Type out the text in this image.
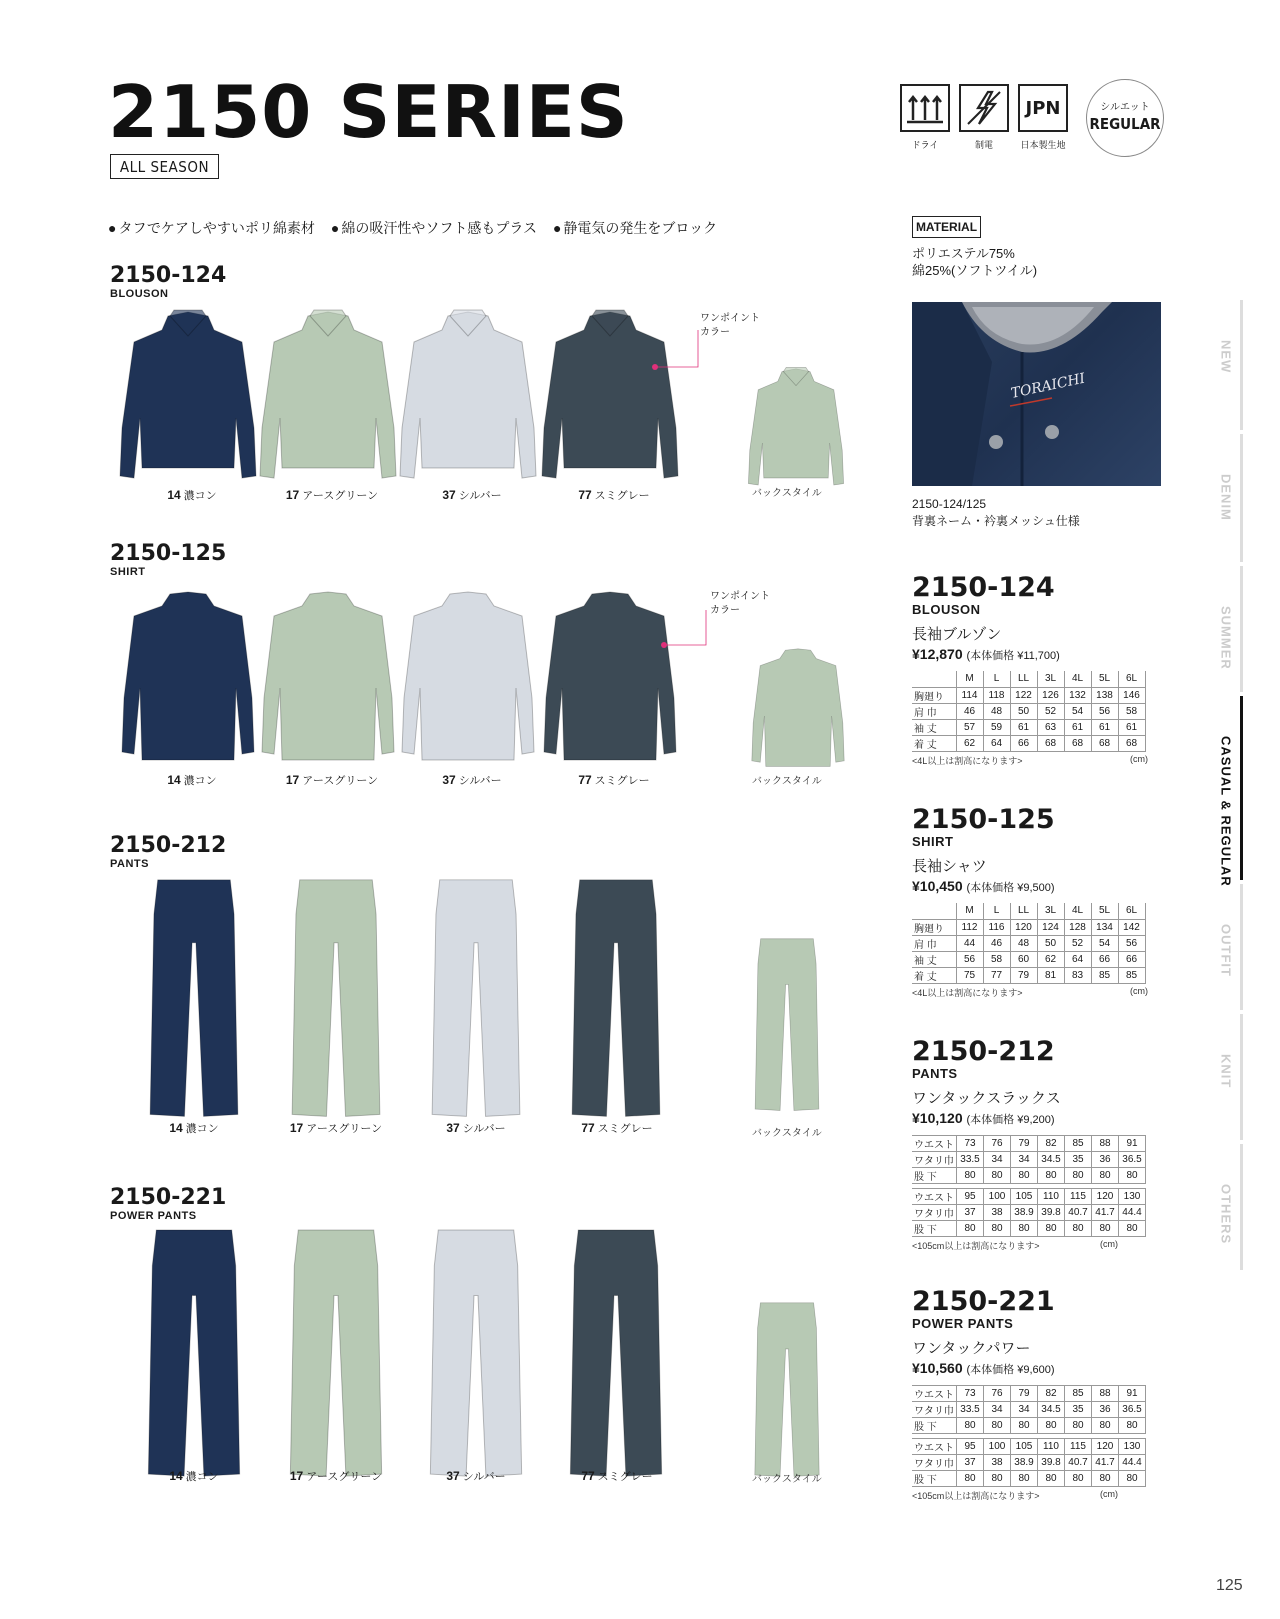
2150 SERIES
ALL SEASON
● タフでケアしやすいポリ綿素材	● 綿の吸汗性やソフト感もプラス	● 静電気の発生をブロック
ドライ	制電
JPN
日本製生地
シルエット
REGULAR
MATERIAL
ポリエステル75%
綿25%(ソフトツイル)
TORAICHI
2150-124/125
背裏ネーム・衿裏メッシュ仕様
2150-124
BLOUSON
2150-125
SHIRT
2150-212
PANTS
2150-221
POWER PANTS
ワンポイント
カラー
ワンポイント
カラー
14 濃コン	17 アースグリーン	37 シルバー	77 スミグレー	バックスタイル
14 濃コン	17 アースグリーン	37 シルバー	77 スミグレー	バックスタイル
14 濃コン	17 アースグリーン	37 シルバー	77 スミグレー	バックスタイル
14 濃コン	17 アースグリーン	37 シルバー	77 スミグレー	バックスタイル
2150-124
BLOUSON
長袖ブルゾン
¥12,870 (本体価格 ¥11,700)
	M	L	LL	3L	4L	5L	6L
胸廻り	114	118	122	126	132	138	146
肩 巾	46	48	50	52	54	56	58
袖 丈	57	59	61	63	61	61	61
着 丈	62	64	66	68	68	68	68
<4L以上は割高になります>	(cm)
2150-125
SHIRT
長袖シャツ
¥10,450 (本体価格 ¥9,500)
	M	L	LL	3L	4L	5L	6L
胸廻り	112	116	120	124	128	134	142
肩 巾	44	46	48	50	52	54	56
袖 丈	56	58	60	62	64	66	66
着 丈	75	77	79	81	83	85	85
<4L以上は割高になります>	(cm)
2150-212
PANTS
ワンタックスラックス
¥10,120 (本体価格 ¥9,200)
ウエスト	73	76	79	82	85	88	91
ワタリ巾	33.5	34	34	34.5	35	36	36.5
股 下	80	80	80	80	80	80	80
ウエスト	95	100	105	110	115	120	130
ワタリ巾	37	38	38.9	39.8	40.7	41.7	44.4
股 下	80	80	80	80	80	80	80
<105cm以上は割高になります>	(cm)
2150-221
POWER PANTS
ワンタックパワー
¥10,560 (本体価格 ¥9,600)
ウエスト	73	76	79	82	85	88	91
ワタリ巾	33.5	34	34	34.5	35	36	36.5
股 下	80	80	80	80	80	80	80
ウエスト	95	100	105	110	115	120	130
ワタリ巾	37	38	38.9	39.8	40.7	41.7	44.4
股 下	80	80	80	80	80	80	80
<105cm以上は割高になります>	(cm)
NEW
DENIM
SUMMER
CASUAL & REGULAR
OUTFIT
KNIT
OTHERS
125
